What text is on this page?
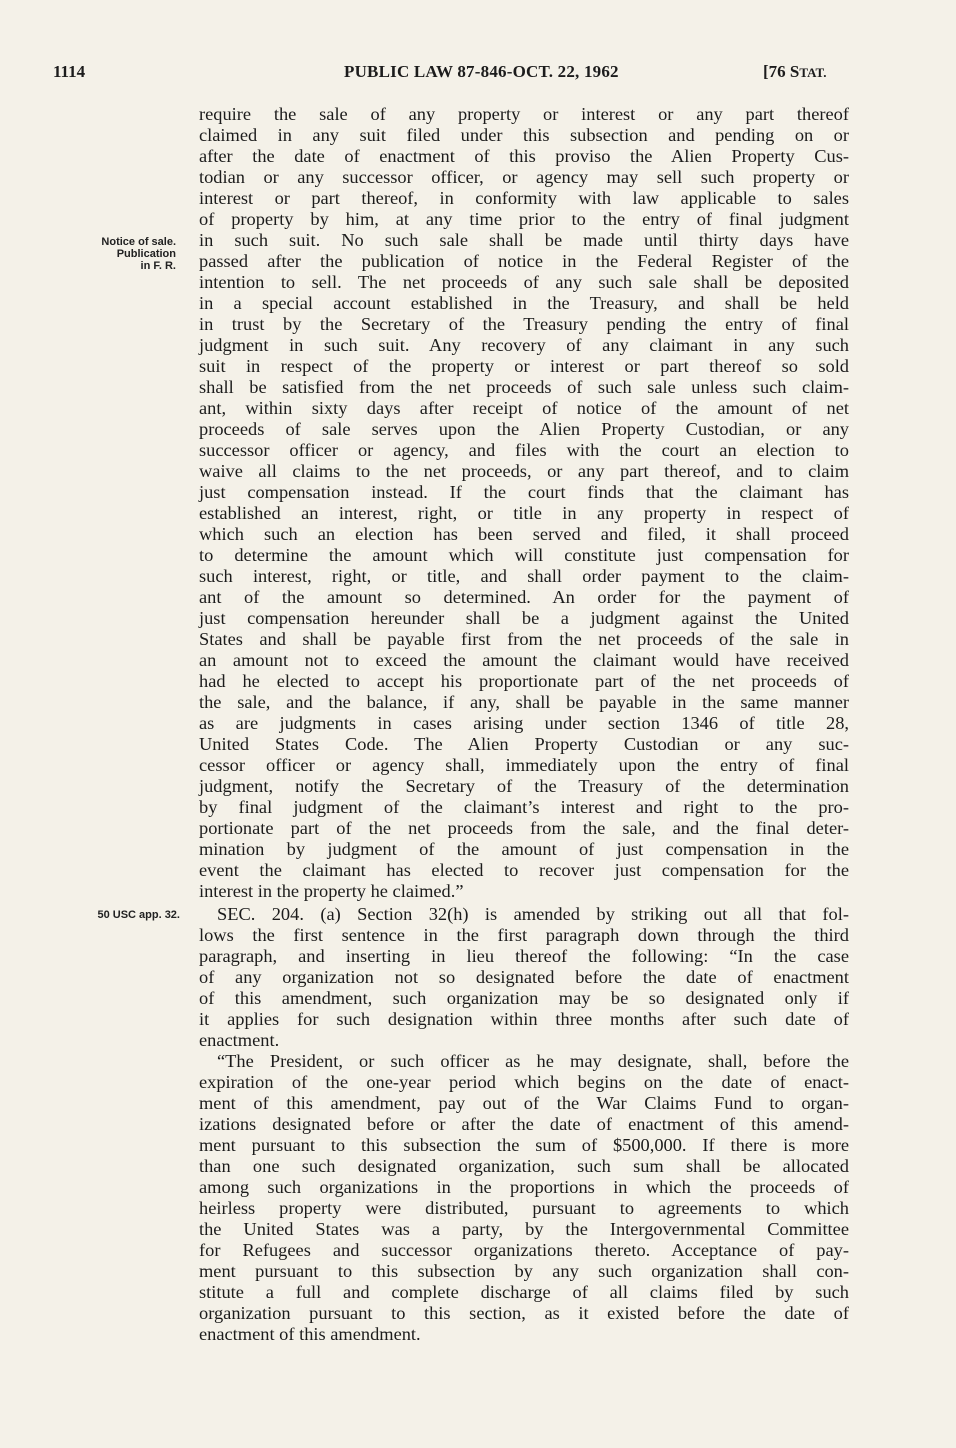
1114	PUBLIC LAW 87-846-OCT. 22, 1962	[76 STAT.
Notice of sale.
Publication
in F. R.
50 USC app. 32.
require the sale of any property or interest or any part thereof
claimed in any suit filed under this subsection and pending on or
after the date of enactment of this proviso the Alien Property Cus-
todian or any successor officer, or agency may sell such property or
interest or part thereof, in conformity with law applicable to sales
of property by him, at any time prior to the entry of final judgment
in such suit. No such sale shall be made until thirty days have
passed after the publication of notice in the Federal Register of the
intention to sell. The net proceeds of any such sale shall be deposited
in a special account established in the Treasury, and shall be held
in trust by the Secretary of the Treasury pending the entry of final
judgment in such suit. Any recovery of any claimant in any such
suit in respect of the property or interest or part thereof so sold
shall be satisfied from the net proceeds of such sale unless such claim-
ant, within sixty days after receipt of notice of the amount of net
proceeds of sale serves upon the Alien Property Custodian, or any
successor officer or agency, and files with the court an election to
waive all claims to the net proceeds, or any part thereof, and to claim
just compensation instead. If the court finds that the claimant has
established an interest, right, or title in any property in respect of
which such an election has been served and filed, it shall proceed
to determine the amount which will constitute just compensation for
such interest, right, or title, and shall order payment to the claim-
ant of the amount so determined. An order for the payment of
just compensation hereunder shall be a judgment against the United
States and shall be payable first from the net proceeds of the sale in
an amount not to exceed the amount the claimant would have received
had he elected to accept his proportionate part of the net proceeds of
the sale, and the balance, if any, shall be payable in the same manner
as are judgments in cases arising under section 1346 of title 28,
United States Code. The Alien Property Custodian or any suc-
cessor officer or agency shall, immediately upon the entry of final
judgment, notify the Secretary of the Treasury of the determination
by final judgment of the claimant’s interest and right to the pro-
portionate part of the net proceeds from the sale, and the final deter-
mination by judgment of the amount of just compensation in the
event the claimant has elected to recover just compensation for the
interest in the property he claimed.”
SEC. 204. (a) Section 32(h) is amended by striking out all that fol-
lows the first sentence in the first paragraph down through the third
paragraph, and inserting in lieu thereof the following: “In the case
of any organization not so designated before the date of enactment
of this amendment, such organization may be so designated only if
it applies for such designation within three months after such date of
enactment.
“The President, or such officer as he may designate, shall, before the
expiration of the one-year period which begins on the date of enact-
ment of this amendment, pay out of the War Claims Fund to organ-
izations designated before or after the date of enactment of this amend-
ment pursuant to this subsection the sum of $500,000. If there is more
than one such designated organization, such sum shall be allocated
among such organizations in the proportions in which the proceeds of
heirless property were distributed, pursuant to agreements to which
the United States was a party, by the Intergovernmental Committee
for Refugees and successor organizations thereto. Acceptance of pay-
ment pursuant to this subsection by any such organization shall con-
stitute a full and complete discharge of all claims filed by such
organization pursuant to this section, as it existed before the date of
enactment of this amendment.
